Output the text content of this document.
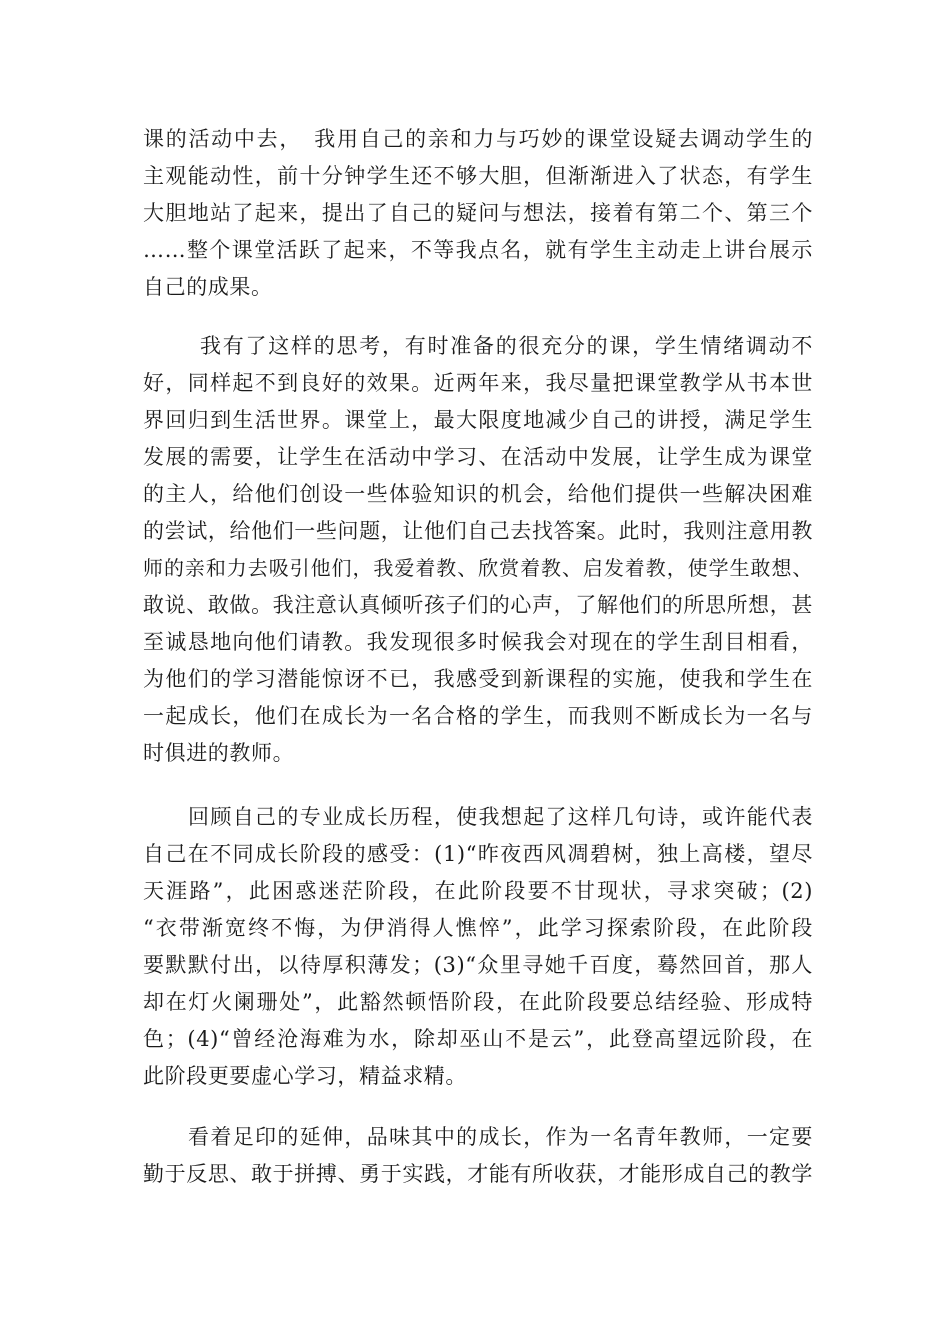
课的活动中去，　我用自己的亲和力与巧妙的课堂设疑去调动学生的
主观能动性，前十分钟学生还不够大胆，但渐渐进入了状态，有学生
大胆地站了起来，提出了自己的疑问与想法，接着有第二个、第三个
……整个课堂活跃了起来，不等我点名，就有学生主动走上讲台展示
自己的成果。
我有了这样的思考，有时准备的很充分的课，学生情绪调动不
好，同样起不到良好的效果。近两年来，我尽量把课堂教学从书本世
界回归到生活世界。课堂上，最大限度地减少自己的讲授，满足学生
发展的需要，让学生在活动中学习、在活动中发展，让学生成为课堂
的主人，给他们创设一些体验知识的机会，给他们提供一些解决困难
的尝试，给他们一些问题，让他们自己去找答案。此时，我则注意用教
师的亲和力去吸引他们，我爱着教、欣赏着教、启发着教，使学生敢想、
敢说、敢做。我注意认真倾听孩子们的心声，了解他们的所思所想，甚
至诚恳地向他们请教。我发现很多时候我会对现在的学生刮目相看，
为他们的学习潜能惊讶不已，我感受到新课程的实施，使我和学生在
一起成长，他们在成长为一名合格的学生，而我则不断成长为一名与
时俱进的教师。
回顾自己的专业成长历程，使我想起了这样几句诗，或许能代表
自己在不同成长阶段的感受：(1)“昨夜西风凋碧树，独上高楼，望尽
天涯路”，此困惑迷茫阶段，在此阶段要不甘现状，寻求突破；(2)
“衣带渐宽终不悔，为伊消得人憔悴”，此学习探索阶段，在此阶段
要默默付出，以待厚积薄发；(3)“众里寻她千百度，蓦然回首，那人
却在灯火阑珊处”，此豁然顿悟阶段，在此阶段要总结经验、形成特
色；(4)“曾经沧海难为水，除却巫山不是云”，此登高望远阶段，在
此阶段更要虚心学习，精益求精。
看着足印的延伸，品味其中的成长，作为一名青年教师，一定要
勤于反思、敢于拼搏、勇于实践，才能有所收获，才能形成自己的教学
